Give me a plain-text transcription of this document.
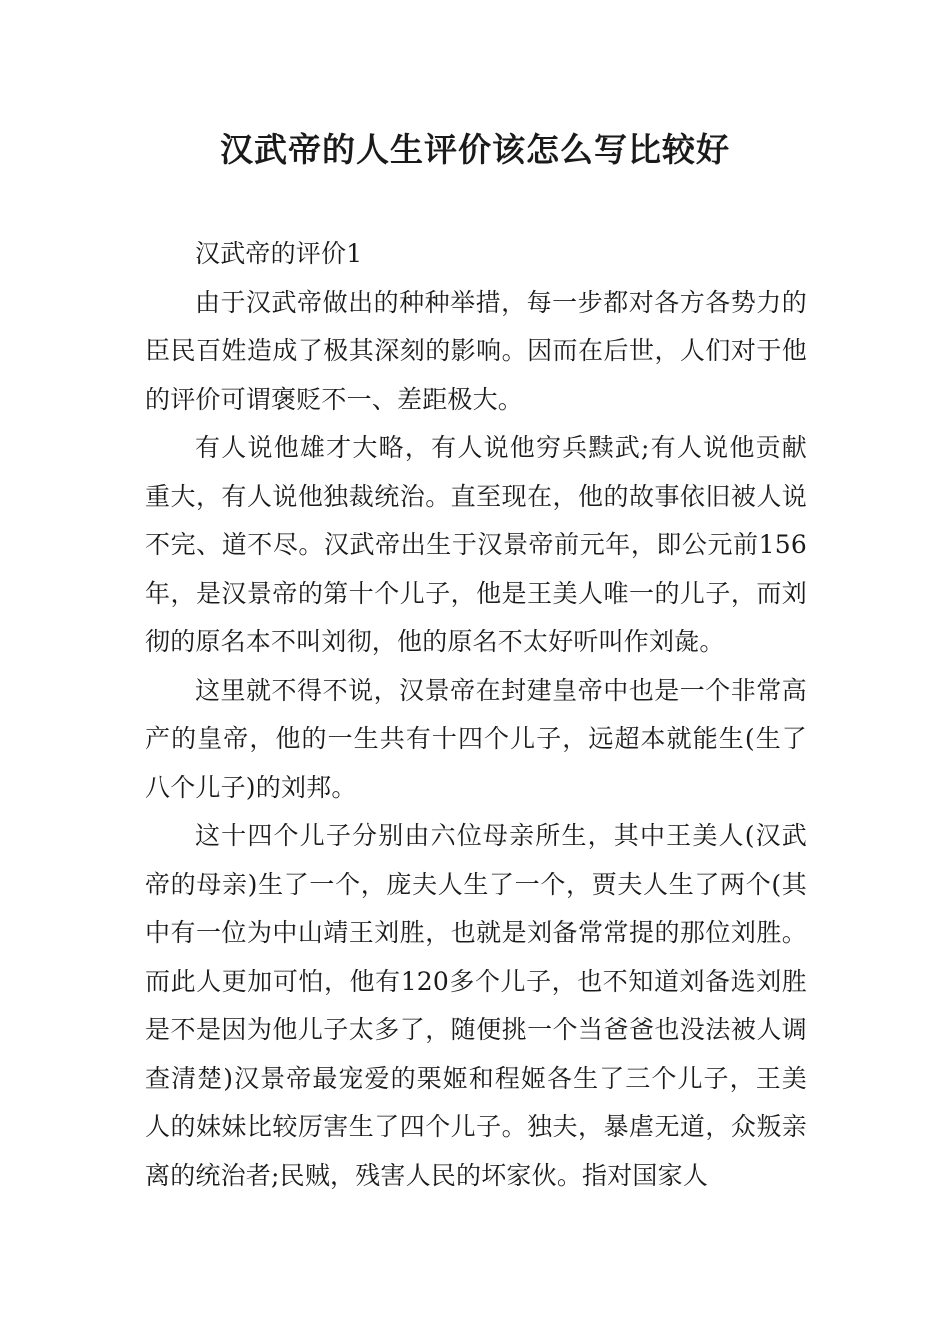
汉武帝的人生评价该怎么写比较好

汉武帝的评价1

由于汉武帝做出的种种举措，每一步都对各方各势力的臣民百姓造成了极其深刻的影响。因而在后世，人们对于他的评价可谓褒贬不一、差距极大。

有人说他雄才大略，有人说他穷兵黩武;有人说他贡献重大，有人说他独裁统治。直至现在，他的故事依旧被人说不完、道不尽。汉武帝出生于汉景帝前元年，即公元前156年，是汉景帝的第十个儿子，他是王美人唯一的儿子，而刘彻的原名本不叫刘彻，他的原名不太好听叫作刘彘。

这里就不得不说，汉景帝在封建皇帝中也是一个非常高产的皇帝，他的一生共有十四个儿子，远超本就能生(生了八个儿子)的刘邦。

这十四个儿子分别由六位母亲所生，其中王美人(汉武帝的母亲)生了一个，庞夫人生了一个，贾夫人生了两个(其中有一位为中山靖王刘胜，也就是刘备常常提的那位刘胜。而此人更加可怕，他有120多个儿子，也不知道刘备选刘胜是不是因为他儿子太多了，随便挑一个当爸爸也没法被人调查清楚)汉景帝最宠爱的栗姬和程姬各生了三个儿子，王美人的妹妹比较厉害生了四个儿子。独夫，暴虐无道，众叛亲离的统治者;民贼，残害人民的坏家伙。指对国家人
